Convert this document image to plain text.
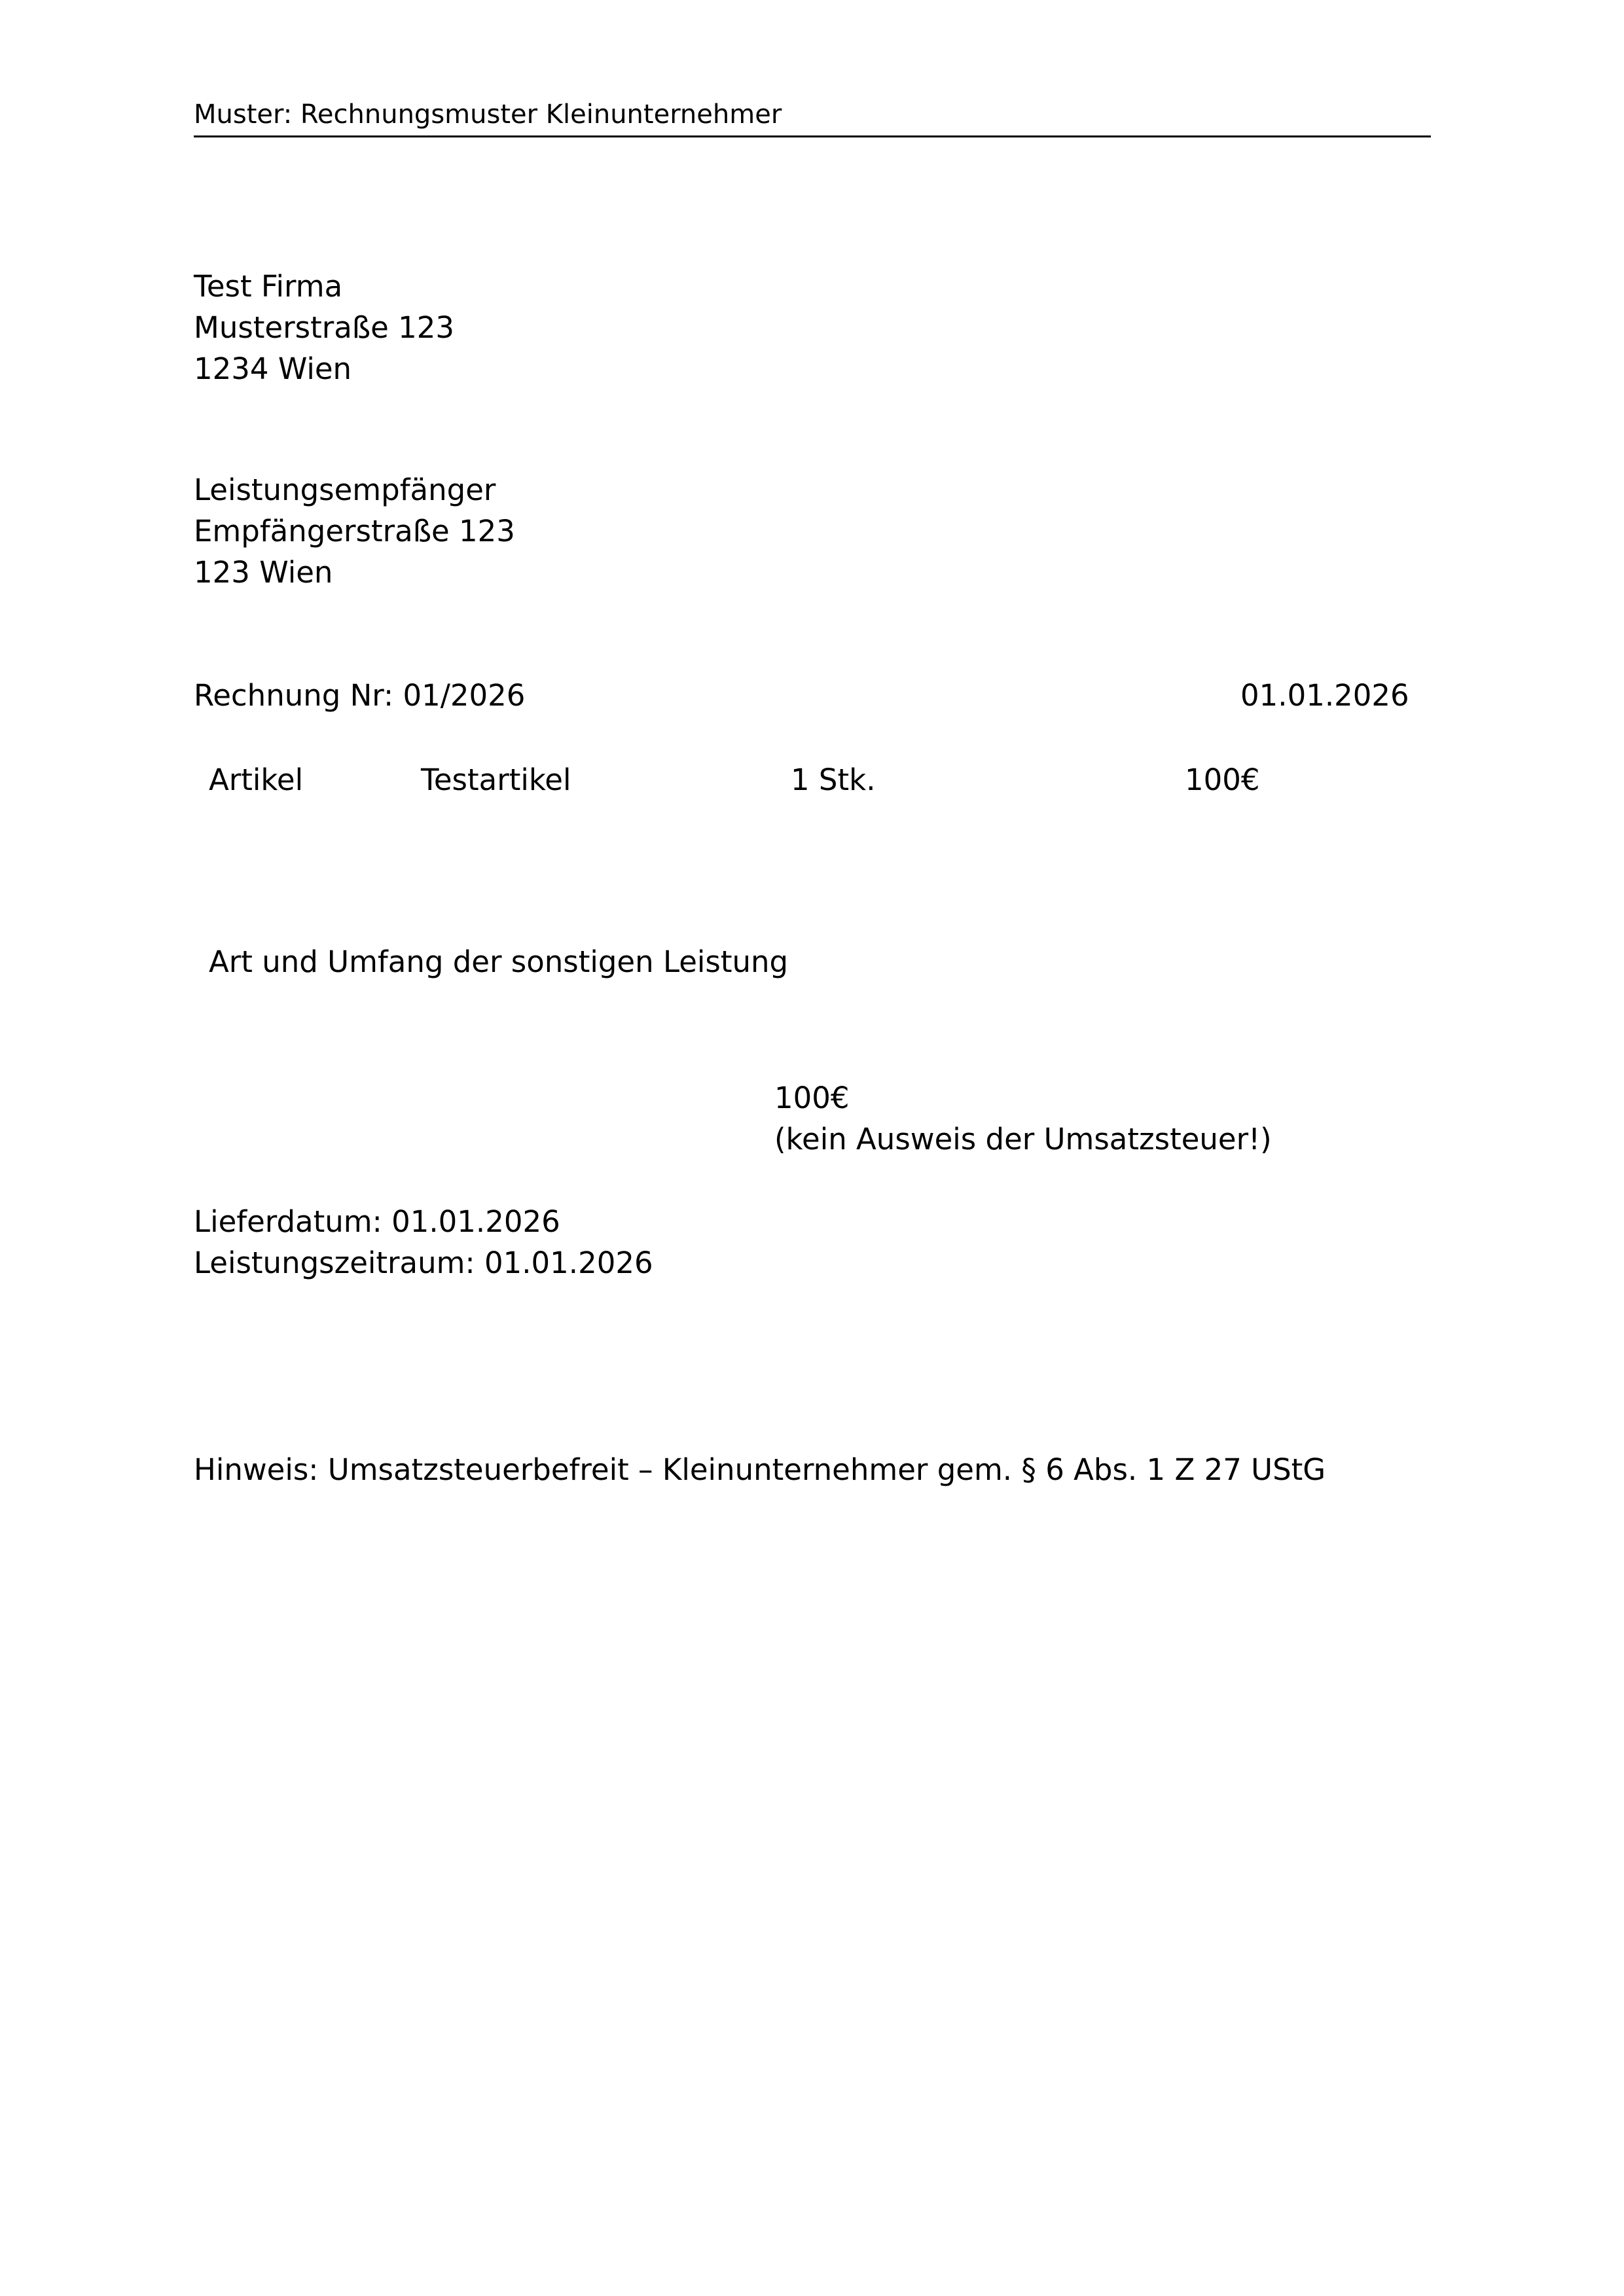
Muster: Rechnungsmuster Kleinunternehmer
Test Firma
Musterstraße 123
1234 Wien
Leistungsempfänger
Empfängerstraße 123
123 Wien
Rechnung Nr: 01/2026	01.01.2026
Artikel	Testartikel	1 Stk.	100€
Art und Umfang der sonstigen Leistung
100€
(kein Ausweis der Umsatzsteuer!)
Lieferdatum: 01.01.2026
Leistungszeitraum: 01.01.2026
Hinweis: Umsatzsteuerbefreit – Kleinunternehmer gem. § 6 Abs. 1 Z 27 UStG
